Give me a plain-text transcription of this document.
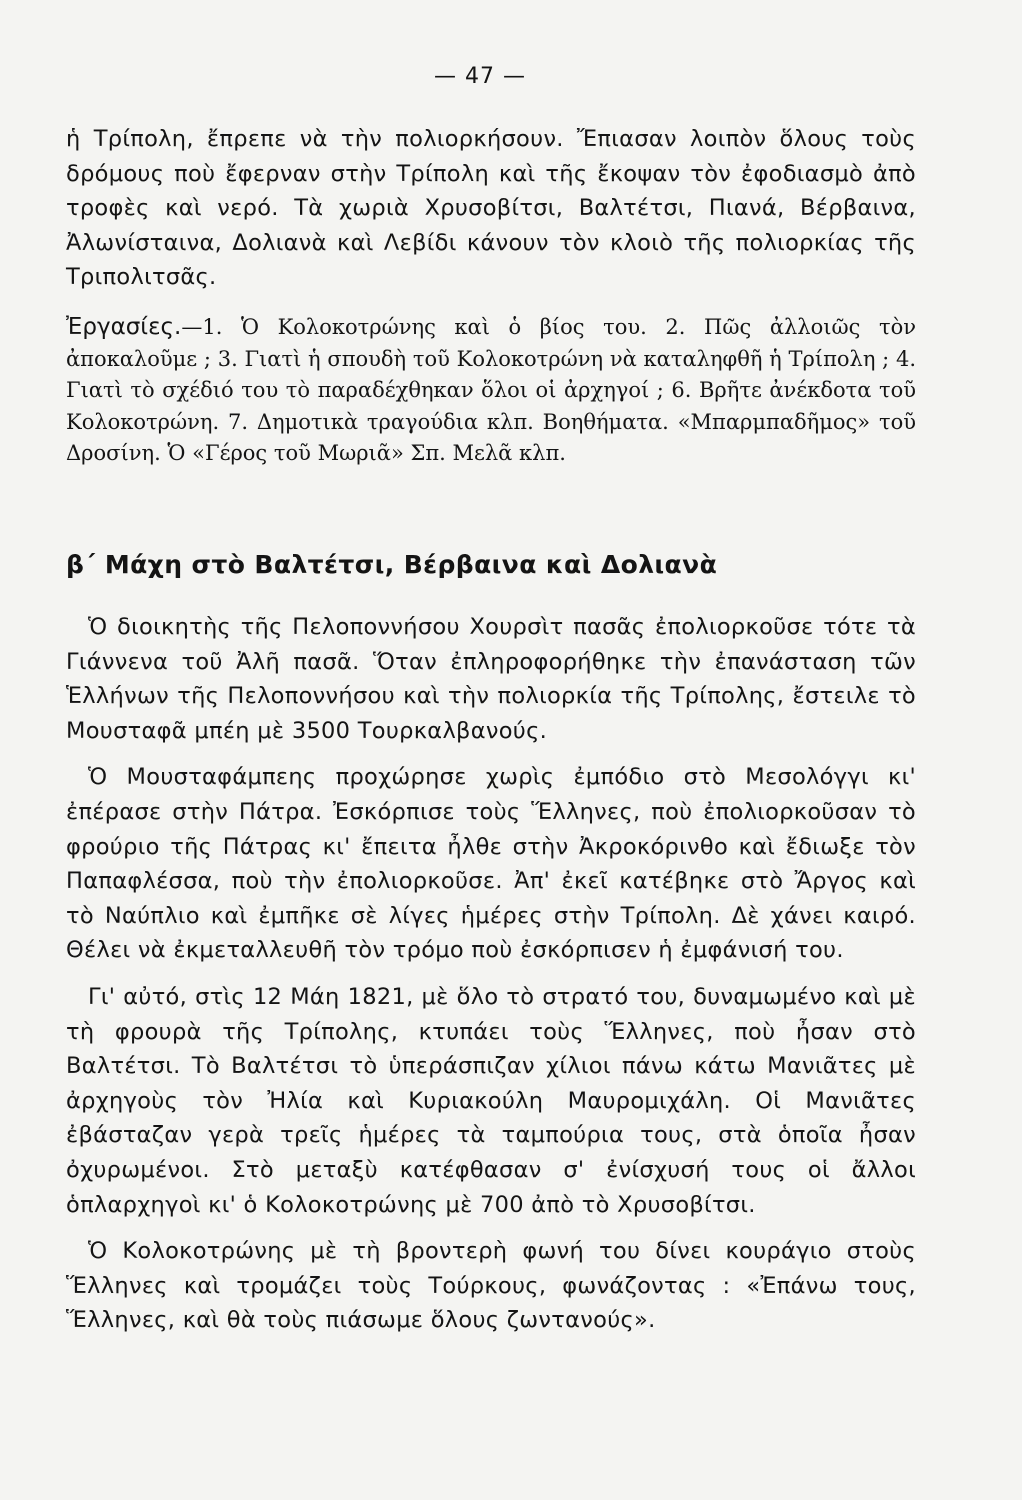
— 47 —

ἡ Τρίπολη, ἔπρεπε νὰ τὴν πολιορκήσουν. Ἔπιασαν λοιπὸν ὅλους τοὺς δρόμους ποὺ ἔφερναν στὴν Τρίπολη καὶ τῆς ἔκοψαν τὸν ἐφοδιασμὸ ἀπὸ τροφὲς καὶ νερό. Τὰ χωριὰ Χρυσοβίτσι, Βαλτέτσι, Πιανά, Βέρβαινα, Ἀλωνίσταινα, Δολιανὰ καὶ Λεβίδι κάνουν τὸν κλοιὸ τῆς πολιορκίας τῆς Τριπολιτσᾶς.

Ἐργασίες.—1. Ὁ Κολοκοτρώνης καὶ ὁ βίος του. 2. Πῶς ἀλλοιῶς τὸν ἀποκαλοῦμε ; 3. Γιατὶ ἡ σπουδὴ τοῦ Κολοκοτρώνη νὰ καταληφθῆ ἡ Τρίπολη ; 4. Γιατὶ τὸ σχέδιό του τὸ παραδέχθηκαν ὅλοι οἱ ἀρχηγοί ; 6. Βρῆτε ἀνέκδοτα τοῦ Κολοκοτρώνη. 7. Δημοτικὰ τραγούδια κλπ. Βοηθήματα. «Μπαρμπαδῆμος» τοῦ Δροσίνη. Ὁ «Γέρος τοῦ Μωριᾶ» Σπ. Μελᾶ κλπ.

β΄ Μάχη στὸ Βαλτέτσι, Βέρβαινα καὶ Δολιανὰ

Ὁ διοικητὴς τῆς Πελοποννήσου Χουρσὶτ πασᾶς ἐπολιορκοῦσε τότε τὰ Γιάννενα τοῦ Ἀλῆ πασᾶ. Ὅταν ἐπληροφορήθηκε τὴν ἐπανάσταση τῶν Ἑλλήνων τῆς Πελοποννήσου καὶ τὴν πολιορκία τῆς Τρίπολης, ἔστειλε τὸ Μουσταφᾶ μπέη μὲ 3500 Τουρκαλβανούς.

Ὁ Μουσταφάμπεης προχώρησε χωρὶς ἐμπόδιο στὸ Μεσολόγγι κι' ἐπέρασε στὴν Πάτρα. Ἐσκόρπισε τοὺς Ἕλληνες, ποὺ ἐπολιορκοῦσαν τὸ φρούριο τῆς Πάτρας κι' ἔπειτα ἦλθε στὴν Ἀκροκόρινθο καὶ ἔδιωξε τὸν Παπαφλέσσα, ποὺ τὴν ἐπολιορκοῦσε. Ἀπ' ἐκεῖ κατέβηκε στὸ Ἄργος καὶ τὸ Ναύπλιο καὶ ἐμπῆκε σὲ λίγες ἡμέρες στὴν Τρίπολη. Δὲ χάνει καιρό. Θέλει νὰ ἐκμεταλλευθῆ τὸν τρόμο ποὺ ἐσκόρπισεν ἡ ἐμφάνισή του.

Γι' αὐτό, στὶς 12 Μάη 1821, μὲ ὅλο τὸ στρατό του, δυναμωμένο καὶ μὲ τὴ φρουρὰ τῆς Τρίπολης, κτυπάει τοὺς Ἕλληνες, ποὺ ἦσαν στὸ Βαλτέτσι. Τὸ Βαλτέτσι τὸ ὑπεράσπιζαν χίλιοι πάνω κάτω Μανιᾶτες μὲ ἀρχηγοὺς τὸν Ἠλία καὶ Κυριακούλη Μαυρομιχάλη. Οἱ Μανιᾶτες ἐβάσταζαν γερὰ τρεῖς ἡμέρες τὰ ταμπούρια τους, στὰ ὁποῖα ἦσαν ὀχυρωμένοι. Στὸ μεταξὺ κατέφθασαν σ' ἐνίσχυσή τους οἱ ἄλλοι ὁπλαρχηγοὶ κι' ὁ Κολοκοτρώνης μὲ 700 ἀπὸ τὸ Χρυσοβίτσι.

Ὁ Κολοκοτρώνης μὲ τὴ βροντερὴ φωνή του δίνει κουράγιο στοὺς Ἕλληνες καὶ τρομάζει τοὺς Τούρκους, φωνάζοντας : «Ἐπάνω τους, Ἕλληνες, καὶ θὰ τοὺς πιάσωμε ὅλους ζωντανούς».
